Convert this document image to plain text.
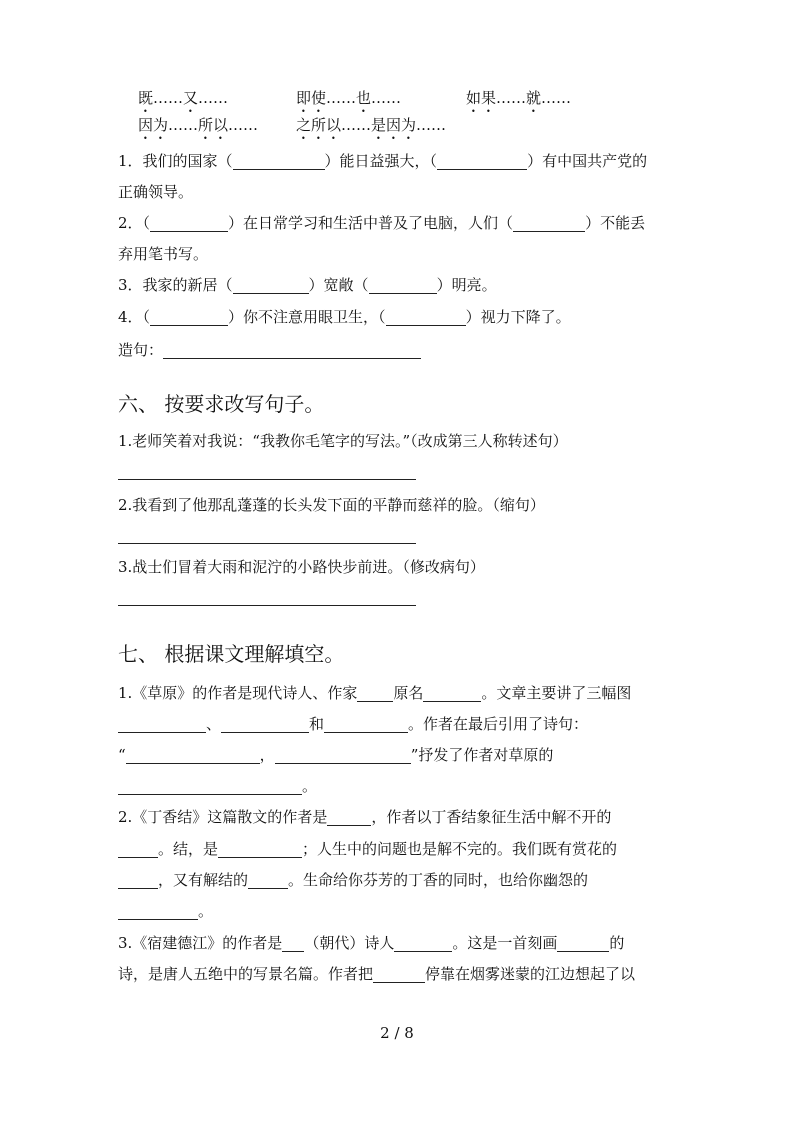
既……又……	即使……也……	如果……就……
因为……所以……	之所以……是因为……
1．我们的国家（	）能日益强大，（	）有中国共产党的
正确领导。
2．（	）在日常学习和生活中普及了电脑，人们（	）不能丢
弃用笔书写。
3．我家的新居（	）宽敞（	）明亮。
4．（	）你不注意用眼卫生，（	）视力下降了。
造句：
六、 按要求改写句子。
1.老师笑着对我说：“我教你毛笔字的写法。”（改成第三人称转述句）
2.我看到了他那乱蓬蓬的长头发下面的平静而慈祥的脸。（缩句）
3.战士们冒着大雨和泥泞的小路快步前进。（修改病句）
七、 根据课文理解填空。
1.《草原》的作者是现代诗人、作家 原名	。文章主要讲了三幅图
、	和	。作者在最后引用了诗句：
“	，	”抒发了作者对草原的
。
2.《丁香结》这篇散文的作者是	，作者以丁香结象征生活中解不开的
。结，是	；人生中的问题也是解不完的。我们既有赏花的
，又有解结的	。生命给你芬芳的丁香的同时，也给你幽怨的
。
3.《宿建德江》的作者是 （朝代）诗人	。这是一首刻画	的
诗，是唐人五绝中的写景名篇。作者把	停靠在烟雾迷蒙的江边想起了以
2 / 8
